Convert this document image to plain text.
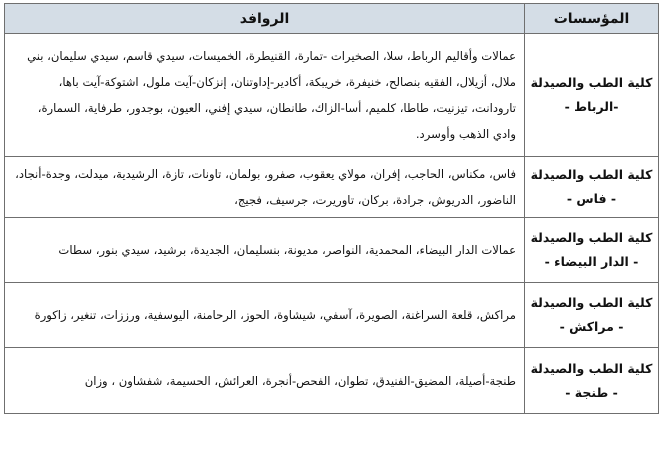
المؤسسات	الروافد

كلية الطب والصيدلة
-الرباط -	عمالات وأقاليم الرباط، سلا، الصخيرات -تمارة، القنيطرة، الخميسات، سيدي قاسم، سيدي سليمان، بني ملال، أزيلال، الفقيه بنصالح، خنيفرة، خريبكة، أكادير-إداوتنان، إنزكان-آيت ملول، اشتوكة-آيت باها، تارودانت، تيزنيت، طاطا، كلميم، أسا-الزاك، طانطان، سيدي إفني، العيون، بوجدور، طرفاية، السمارة، وادي الذهب وأوسرد.

كلية الطب والصيدلة
- فاس -	فاس، مكناس، الحاجب، إفران، مولاي يعقوب، صفرو، بولمان، تاونات، تازة، الرشيدية، ميدلت، وجدة-أنجاد، الناضور، الدريوش، جرادة، بركان، تاوريرت، جرسيف، فجيج،

كلية الطب والصيدلة
- الدار البيضاء -	عمالات الدار البيضاء، المحمدية، النواصر، مديونة، بنسليمان، الجديدة، برشيد، سيدي بنور، سطات

كلية الطب والصيدلة
- مراكش -	مراكش، قلعة السراغنة، الصويرة، آسفي، شيشاوة، الحوز، الرحامنة، اليوسفية، ورززات، تنغير، زاكورة

كلية الطب والصيدلة
- طنجة -	طنجة-أصيلة، المضيق-الفنيدق، تطوان، الفحص-أنجرة، العرائش، الحسيمة، شفشاون ، وزان
